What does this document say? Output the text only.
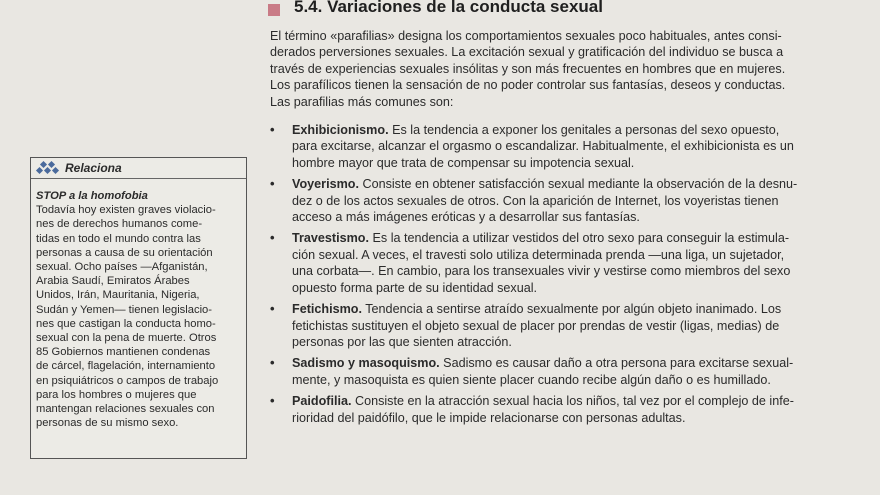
5.4. Variaciones de la conducta sexual

El término «parafilias» designa los comportamientos sexuales poco habituales, antes consi-

derados perversiones sexuales. La excitación sexual y gratificación del individuo se busca a

través de experiencias sexuales insólitas y son más frecuentes en hombres que en mujeres.

Los parafílicos tienen la sensación de no poder controlar sus fantasías, deseos y conductas.

Las parafilias más comunes son:

• Exhibicionismo. Es la tendencia a exponer los genitales a personas del sexo opuesto,
para excitarse, alcanzar el orgasmo o escandalizar. Habitualmente, el exhibicionista es un
hombre mayor que trata de compensar su impotencia sexual.
• Voyerismo. Consiste en obtener satisfacción sexual mediante la observación de la desnu-
dez o de los actos sexuales de otros. Con la aparición de Internet, los voyeristas tienen
acceso a más imágenes eróticas y a desarrollar sus fantasías.
• Travestismo. Es la tendencia a utilizar vestidos del otro sexo para conseguir la estimula-
ción sexual. A veces, el travesti solo utiliza determinada prenda —una liga, un sujetador,
una corbata—. En cambio, para los transexuales vivir y vestirse como miembros del sexo
opuesto forma parte de su identidad sexual.
• Fetichismo. Tendencia a sentirse atraído sexualmente por algún objeto inanimado. Los
fetichistas sustituyen el objeto sexual de placer por prendas de vestir (ligas, medias) de
personas por las que sienten atracción.
• Sadismo y masoquismo. Sadismo es causar daño a otra persona para excitarse sexual-
mente, y masoquista es quien siente placer cuando recibe algún daño o es humillado.
• Paidofilia. Consiste en la atracción sexual hacia los niños, tal vez por el complejo de infe-
rioridad del paidófilo, que le impide relacionarse con personas adultas.
Relaciona
STOP a la homofobia
Todavía hoy existen graves violacio-
nes de derechos humanos come-
tidas en todo el mundo contra las
personas a causa de su orientación
sexual. Ocho países —Afganistán,
Arabia Saudí, Emiratos Árabes
Unidos, Irán, Mauritania, Nigeria,
Sudán y Yemen— tienen legislacio-
nes que castigan la conducta homo-
sexual con la pena de muerte. Otros
85 Gobiernos mantienen condenas
de cárcel, flagelación, internamiento
en psiquiátricos o campos de trabajo
para los hombres o mujeres que
mantengan relaciones sexuales con
personas de su mismo sexo.
